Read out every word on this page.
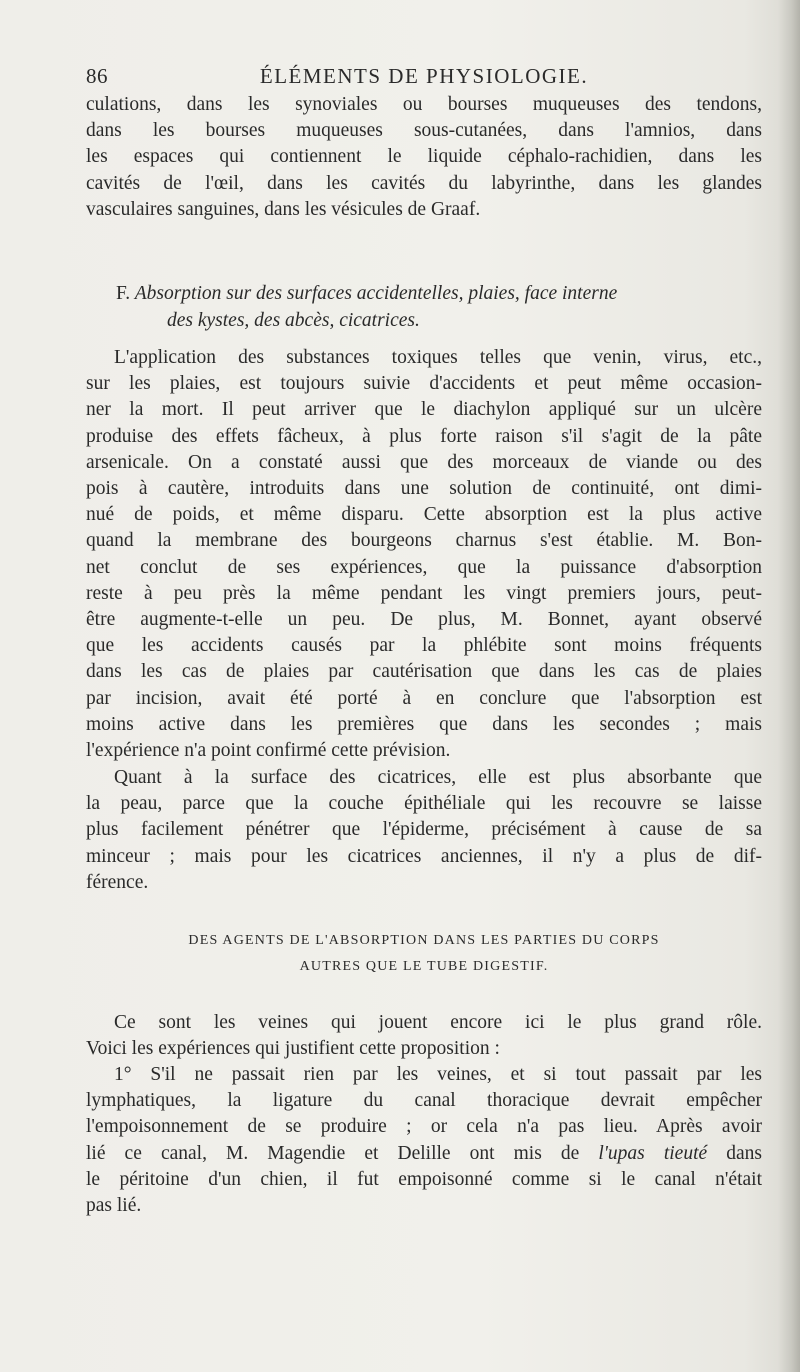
86	ÉLÉMENTS DE PHYSIOLOGIE.

culations, dans les synoviales ou bourses muqueuses des tendons,
dans les bourses muqueuses sous-cutanées, dans l'amnios, dans
les espaces qui contiennent le liquide céphalo-rachidien, dans les
cavités de l'œil, dans les cavités du labyrinthe, dans les glandes
vasculaires sanguines, dans les vésicules de Graaf.

F. Absorption sur des surfaces accidentelles, plaies, face interne
des kystes, des abcès, cicatrices.

L'application des substances toxiques telles que venin, virus, etc.,
sur les plaies, est toujours suivie d'accidents et peut même occasion-
ner la mort. Il peut arriver que le diachylon appliqué sur un ulcère
produise des effets fâcheux, à plus forte raison s'il s'agit de la pâte
arsenicale. On a constaté aussi que des morceaux de viande ou des
pois à cautère, introduits dans une solution de continuité, ont dimi-
nué de poids, et même disparu. Cette absorption est la plus active
quand la membrane des bourgeons charnus s'est établie. M. Bon-
net conclut de ses expériences, que la puissance d'absorption
reste à peu près la même pendant les vingt premiers jours, peut-
être augmente-t-elle un peu. De plus, M. Bonnet, ayant observé
que les accidents causés par la phlébite sont moins fréquents
dans les cas de plaies par cautérisation que dans les cas de plaies
par incision, avait été porté à en conclure que l'absorption est
moins active dans les premières que dans les secondes ; mais
l'expérience n'a point confirmé cette prévision.

Quant à la surface des cicatrices, elle est plus absorbante que
la peau, parce que la couche épithéliale qui les recouvre se laisse
plus facilement pénétrer que l'épiderme, précisément à cause de sa
minceur ; mais pour les cicatrices anciennes, il n'y a plus de dif-
férence.

DES AGENTS DE L'ABSORPTION DANS LES PARTIES DU CORPS
AUTRES QUE LE TUBE DIGESTIF.

Ce sont les veines qui jouent encore ici le plus grand rôle.
Voici les expériences qui justifient cette proposition :

1° S'il ne passait rien par les veines, et si tout passait par les
lymphatiques, la ligature du canal thoracique devrait empêcher
l'empoisonnement de se produire ; or cela n'a pas lieu. Après avoir
lié ce canal, M. Magendie et Delille ont mis de l'upas tieuté dans
le péritoine d'un chien, il fut empoisonné comme si le canal n'était
pas lié.
